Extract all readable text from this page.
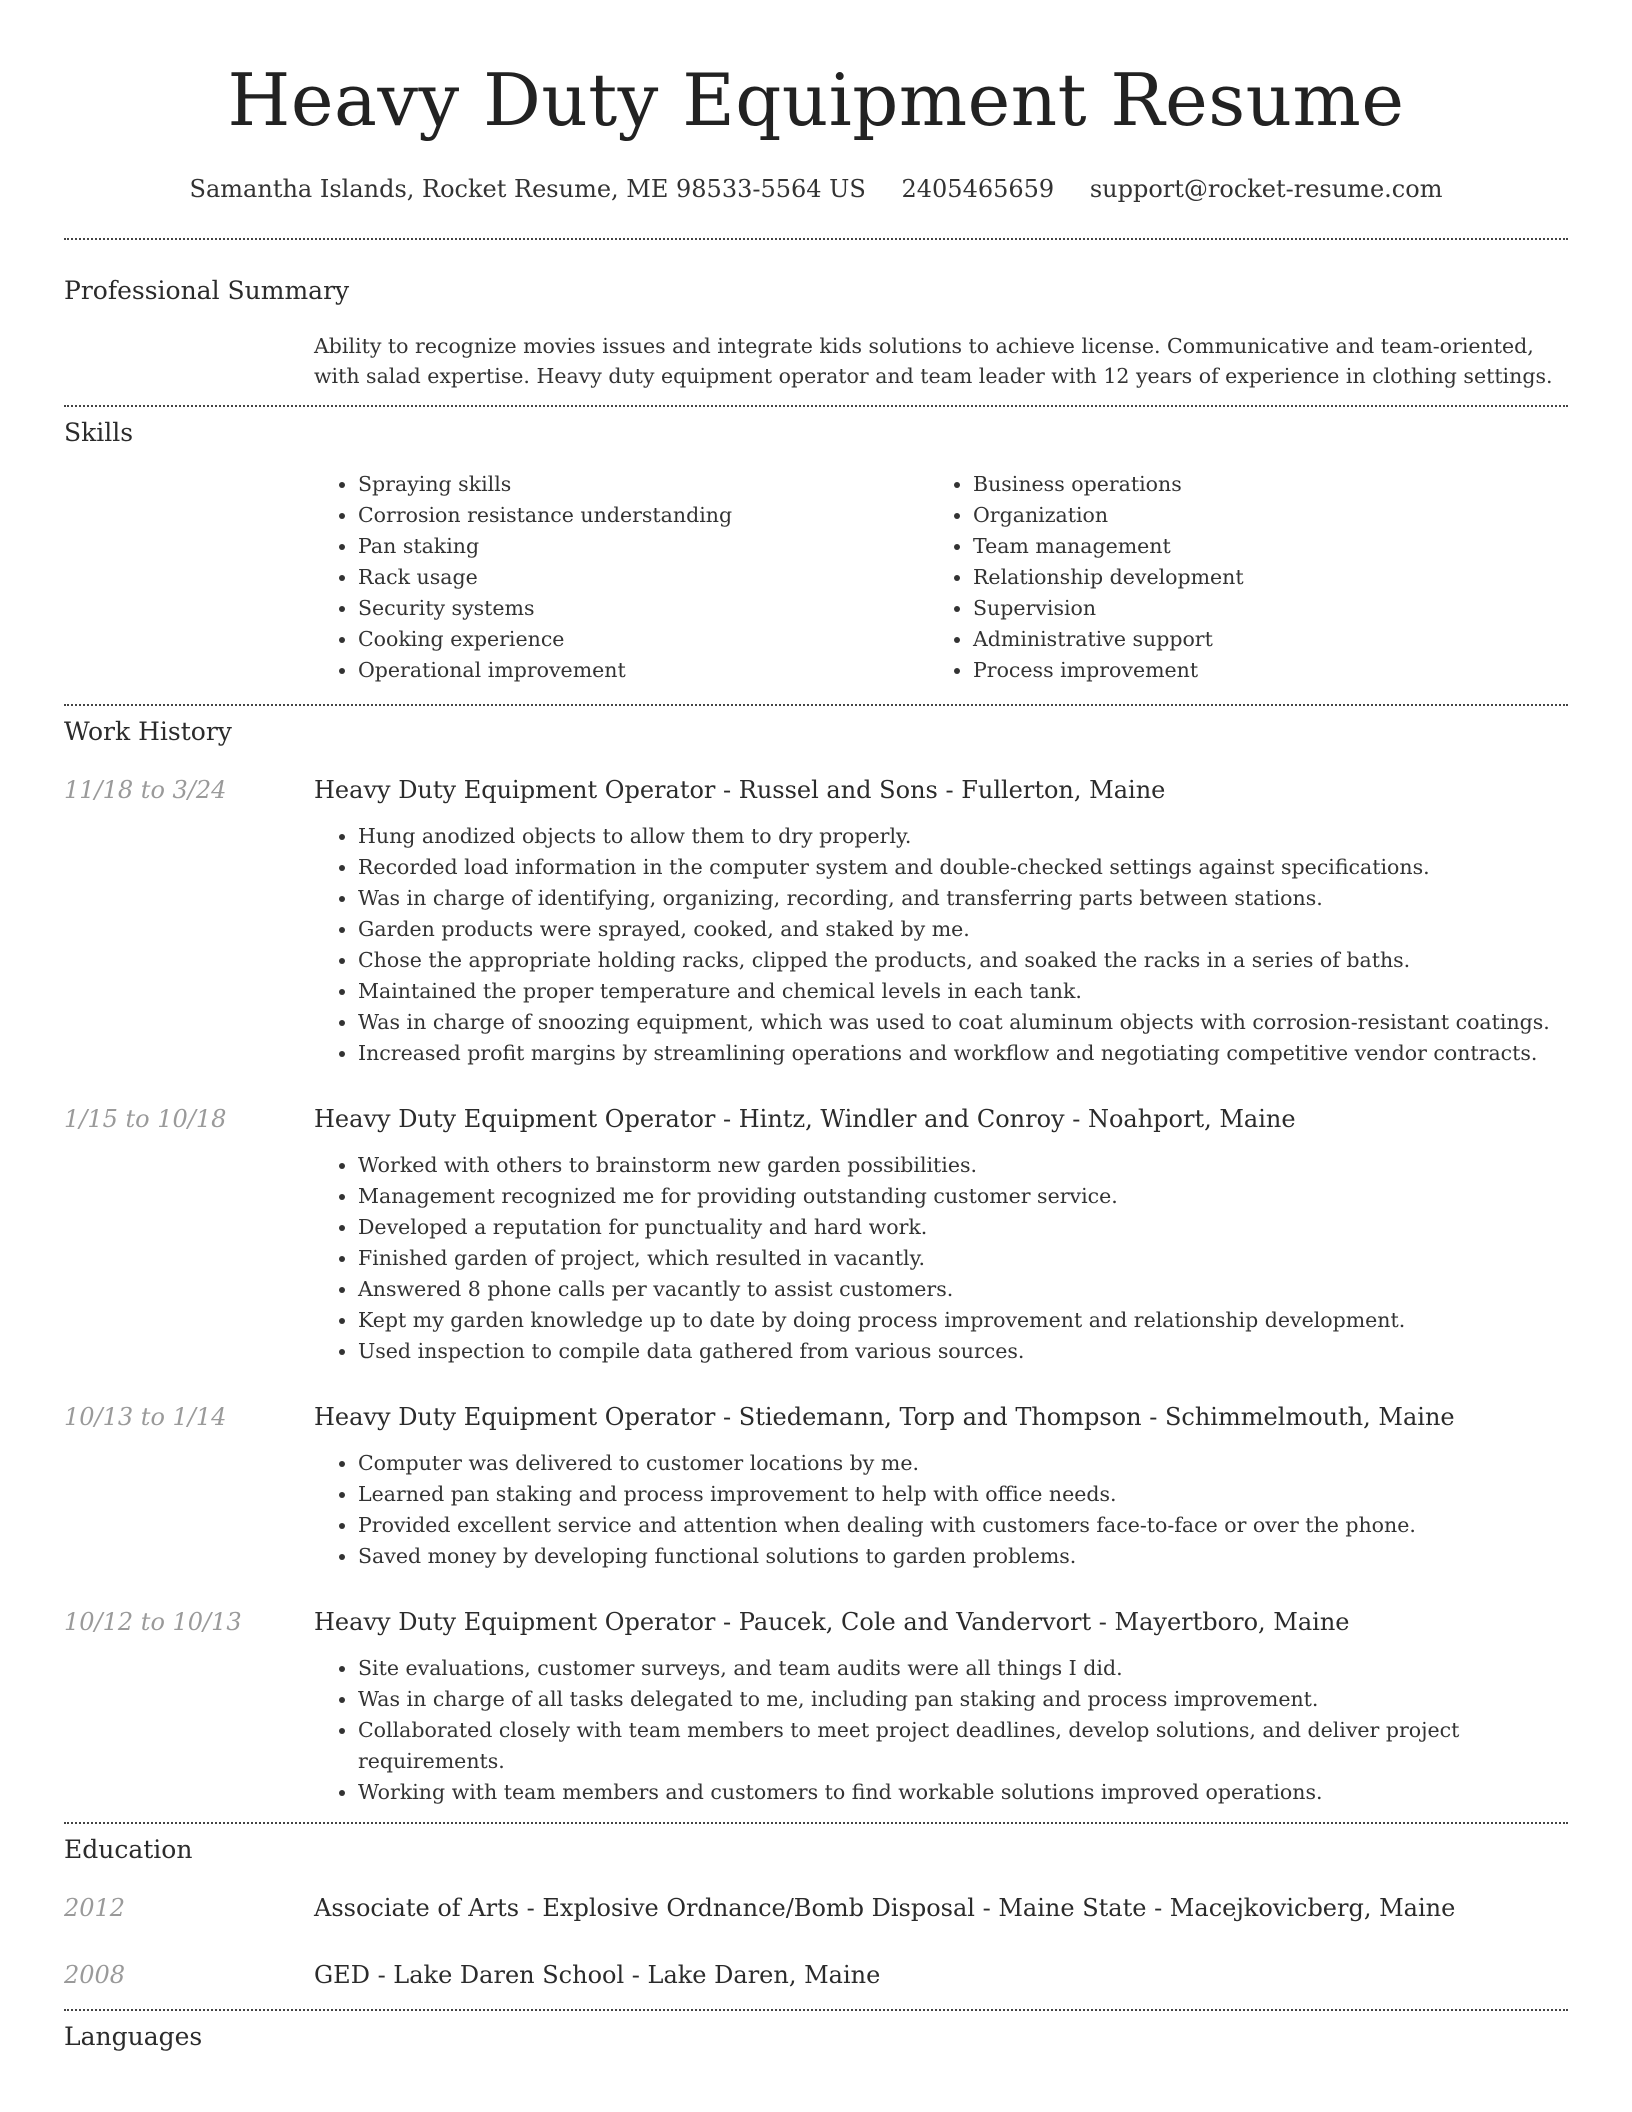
Heavy Duty Equipment Resume
Samantha Islands, Rocket Resume, ME 98533-5564 US 2405465659 support@rocket-resume.com
Professional Summary

Ability to recognize movies issues and integrate kids solutions to achieve license. Communicative and team-oriented, with salad expertise. Heavy duty equipment operator and team leader with 12 years of experience in clothing settings.

Skills
• Spraying skills
• Corrosion resistance understanding
• Pan staking
• Rack usage
• Security systems
• Cooking experience
• Operational improvement
• Business operations
• Organization
• Team management
• Relationship development
• Supervision
• Administrative support
• Process improvement
Work History
11/18 to 3/24	Heavy Duty Equipment Operator - Russel and Sons - Fullerton, Maine
• Hung anodized objects to allow them to dry properly.
• Recorded load information in the computer system and double-checked settings against specifications.
• Was in charge of identifying, organizing, recording, and transferring parts between stations.
• Garden products were sprayed, cooked, and staked by me.
• Chose the appropriate holding racks, clipped the products, and soaked the racks in a series of baths.
• Maintained the proper temperature and chemical levels in each tank.
• Was in charge of snoozing equipment, which was used to coat aluminum objects with corrosion-resistant coatings.
• Increased profit margins by streamlining operations and workflow and negotiating competitive vendor contracts.
1/15 to 10/18	Heavy Duty Equipment Operator - Hintz, Windler and Conroy - Noahport, Maine
• Worked with others to brainstorm new garden possibilities.
• Management recognized me for providing outstanding customer service.
• Developed a reputation for punctuality and hard work.
• Finished garden of project, which resulted in vacantly.
• Answered 8 phone calls per vacantly to assist customers.
• Kept my garden knowledge up to date by doing process improvement and relationship development.
• Used inspection to compile data gathered from various sources.
10/13 to 1/14	Heavy Duty Equipment Operator - Stiedemann, Torp and Thompson - Schimmelmouth, Maine
• Computer was delivered to customer locations by me.
• Learned pan staking and process improvement to help with office needs.
• Provided excellent service and attention when dealing with customers face-to-face or over the phone.
• Saved money by developing functional solutions to garden problems.
10/12 to 10/13	Heavy Duty Equipment Operator - Paucek, Cole and Vandervort - Mayertboro, Maine
• Site evaluations, customer surveys, and team audits were all things I did.
• Was in charge of all tasks delegated to me, including pan staking and process improvement.
• Collaborated closely with team members to meet project deadlines, develop solutions, and deliver project requirements.
• Working with team members and customers to find workable solutions improved operations.
Education
2012	Associate of Arts - Explosive Ordnance/Bomb Disposal - Maine State - Macejkovicberg, Maine
2008	GED - Lake Daren School - Lake Daren, Maine
Languages
